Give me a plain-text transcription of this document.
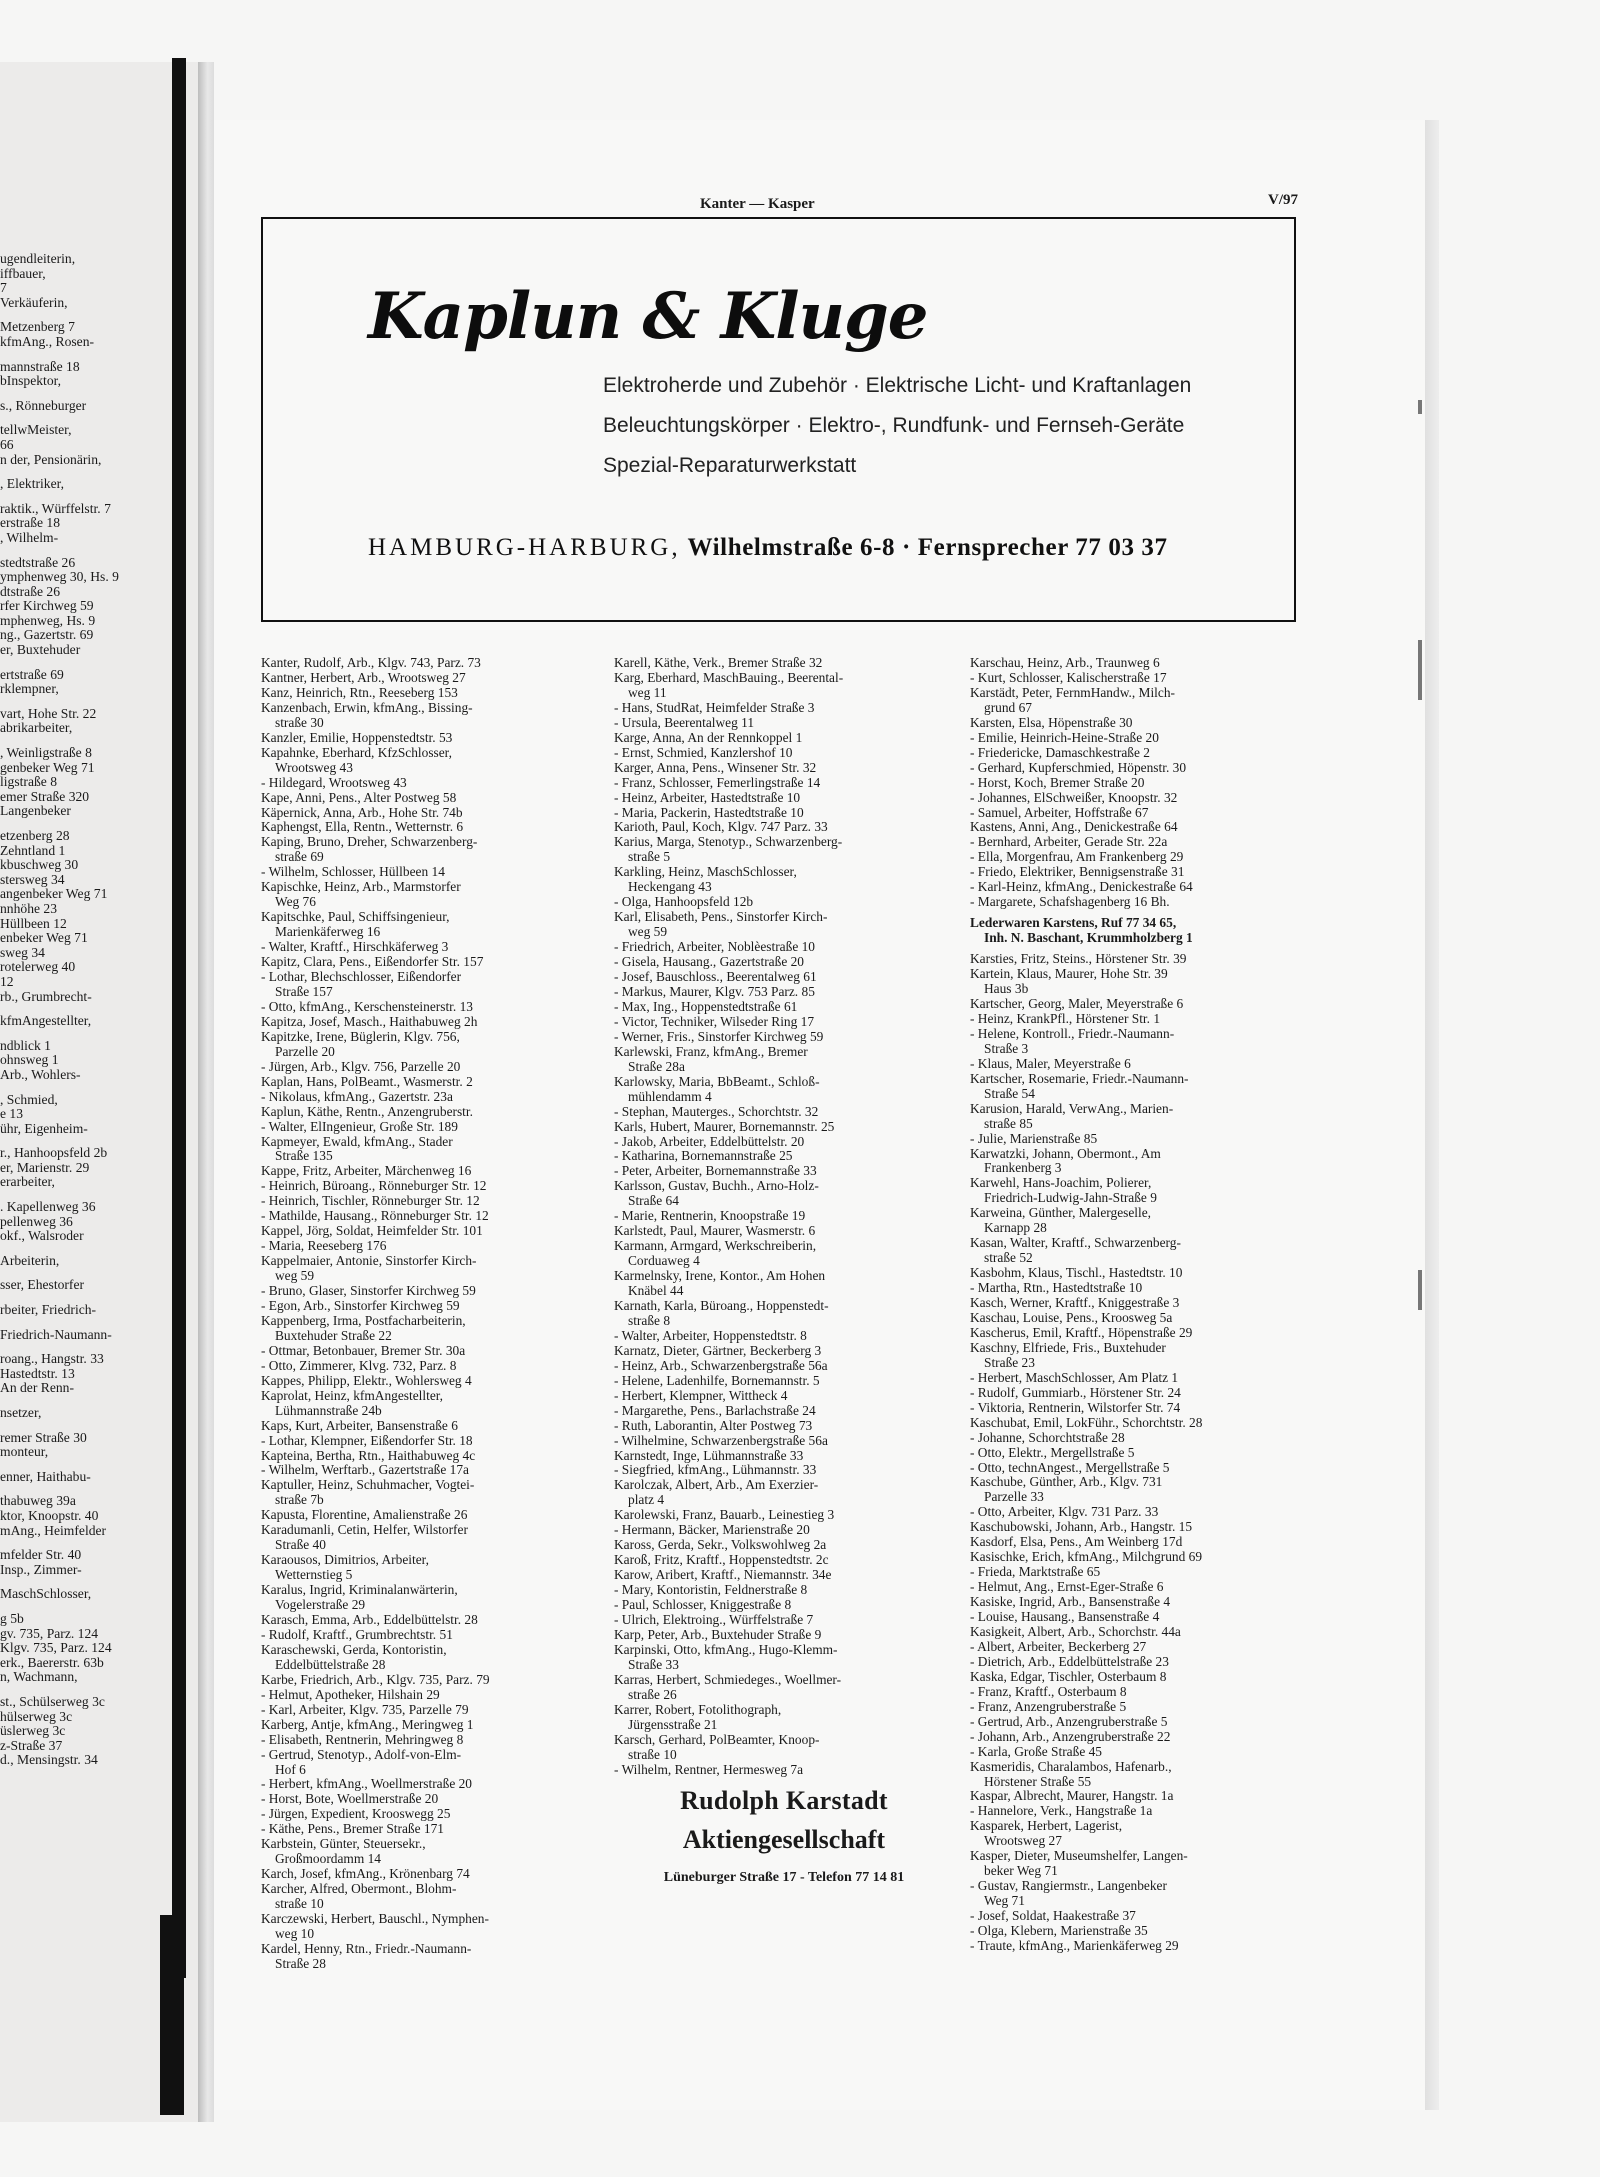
ugendleiterin,
iffbauer,
7
Verkäuferin,
Metzenberg 7
kfmAng., Rosen-
mannstraße 18
bInspektor,
s., Rönneburger
tellwMeister,
66
n der, Pensionärin,
, Elektriker,
raktik., Würffelstr. 7
erstraße 18
, Wilhelm-
stedtstraße 26
ymphenweg 30, Hs. 9
dtstraße 26
rfer Kirchweg 59
mphenweg, Hs. 9
ng., Gazertstr. 69
er, Buxtehuder
ertstraße 69
rklempner,
vart, Hohe Str. 22
abrikarbeiter,
, Weinligstraße 8
genbeker Weg 71
ligstraße 8
emer Straße 320
Langenbeker
etzenberg 28
Zehntland 1
kbuschweg 30
stersweg 34
angenbeker Weg 71
nnhöhe 23
Hüllbeen 12
enbeker Weg 71
sweg 34
rotelerweg 40
12
rb., Grumbrecht-
kfmAngestellter,
ndblick 1
ohnsweg 1
Arb., Wohlers-
, Schmied,
e 13
ühr, Eigenheim-
r., Hanhoopsfeld 2b
er, Marienstr. 29
erarbeiter,
. Kapellenweg 36
pellenweg 36
okf., Walsroder
Arbeiterin,
sser, Ehestorfer
rbeiter, Friedrich-
Friedrich-Naumann-
roang., Hangstr. 33
Hastedtstr. 13
An der Renn-
nsetzer,
remer Straße 30
monteur,
enner, Haithabu-
thabuweg 39a
ktor, Knoopstr. 40
mAng., Heimfelder
mfelder Str. 40
Insp., Zimmer-
MaschSchlosser,
g 5b
gv. 735, Parz. 124
Klgv. 735, Parz. 124
erk., Baererstr. 63b
n, Wachmann,
st., Schülserweg 3c
hülserweg 3c
üslerweg 3c
z-Straße 37
d., Mensingstr. 34
Kanter — Kasper	V/97
Kaplun & Kluge
Elektroherde und Zubehör · Elektrische Licht- und Kraftanlagen
Beleuchtungskörper · Elektro-, Rundfunk- und Fernseh-Geräte
Spezial-Reparaturwerkstatt
HAMBURG-HARBURG, Wilhelmstraße 6-8 · Fernsprecher 77 03 37
Kanter, Rudolf, Arb., Klgv. 743, Parz. 73
Kantner, Herbert, Arb., Wrootsweg 27
Kanz, Heinrich, Rtn., Reeseberg 153
Kanzenbach, Erwin, kfmAng., Bissing-
straße 30
Kanzler, Emilie, Hoppenstedtstr. 53
Kapahnke, Eberhard, KfzSchlosser,
Wrootsweg 43
- Hildegard, Wrootsweg 43
Kape, Anni, Pens., Alter Postweg 58
Käpernick, Anna, Arb., Hohe Str. 74b
Kaphengst, Ella, Rentn., Wetternstr. 6
Kaping, Bruno, Dreher, Schwarzenberg-
straße 69
- Wilhelm, Schlosser, Hüllbeen 14
Kapischke, Heinz, Arb., Marmstorfer
Weg 76
Kapitschke, Paul, Schiffsingenieur,
Marienkäferweg 16
- Walter, Kraftf., Hirschkäferweg 3
Kapitz, Clara, Pens., Eißendorfer Str. 157
- Lothar, Blechschlosser, Eißendorfer
Straße 157
- Otto, kfmAng., Kerschensteinerstr. 13
Kapitza, Josef, Masch., Haithabuweg 2h
Kapitzke, Irene, Büglerin, Klgv. 756,
Parzelle 20
- Jürgen, Arb., Klgv. 756, Parzelle 20
Kaplan, Hans, PolBeamt., Wasmerstr. 2
- Nikolaus, kfmAng., Gazertstr. 23a
Kaplun, Käthe, Rentn., Anzengruberstr.
- Walter, ElIngenieur, Große Str. 189
Kapmeyer, Ewald, kfmAng., Stader
Straße 135
Kappe, Fritz, Arbeiter, Märchenweg 16
- Heinrich, Büroang., Rönneburger Str. 12
- Heinrich, Tischler, Rönneburger Str. 12
- Mathilde, Hausang., Rönneburger Str. 12
Kappel, Jörg, Soldat, Heimfelder Str. 101
- Maria, Reeseberg 176
Kappelmaier, Antonie, Sinstorfer Kirch-
weg 59
- Bruno, Glaser, Sinstorfer Kirchweg 59
- Egon, Arb., Sinstorfer Kirchweg 59
Kappenberg, Irma, Postfacharbeiterin,
Buxtehuder Straße 22
- Ottmar, Betonbauer, Bremer Str. 30a
- Otto, Zimmerer, Klvg. 732, Parz. 8
Kappes, Philipp, Elektr., Wohlersweg 4
Kaprolat, Heinz, kfmAngestellter,
Lühmannstraße 24b
Kaps, Kurt, Arbeiter, Bansenstraße 6
- Lothar, Klempner, Eißendorfer Str. 18
Kapteina, Bertha, Rtn., Haithabuweg 4c
- Wilhelm, Werftarb., Gazertstraße 17a
Kaptuller, Heinz, Schuhmacher, Vogtei-
straße 7b
Kapusta, Florentine, Amalienstraße 26
Karadumanli, Cetin, Helfer, Wilstorfer
Straße 40
Karaousos, Dimitrios, Arbeiter,
Wetternstieg 5
Karalus, Ingrid, Kriminalanwärterin,
Vogelerstraße 29
Karasch, Emma, Arb., Eddelbüttelstr. 28
- Rudolf, Kraftf., Grumbrechtstr. 51
Karaschewski, Gerda, Kontoristin,
Eddelbüttelstraße 28
Karbe, Friedrich, Arb., Klgv. 735, Parz. 79
- Helmut, Apotheker, Hilshain 29
- Karl, Arbeiter, Klgv. 735, Parzelle 79
Karberg, Antje, kfmAng., Meringweg 1
- Elisabeth, Rentnerin, Mehringweg 8
- Gertrud, Stenotyp., Adolf-von-Elm-
Hof 6
- Herbert, kfmAng., Woellmerstraße 20
- Horst, Bote, Woellmerstraße 20
- Jürgen, Expedient, Krooswegg 25
- Käthe, Pens., Bremer Straße 171
Karbstein, Günter, Steuersekr.,
Großmoordamm 14
Karch, Josef, kfmAng., Krönenbarg 74
Karcher, Alfred, Obermont., Blohm-
straße 10
Karczewski, Herbert, Bauschl., Nymphen-
weg 10
Kardel, Henny, Rtn., Friedr.-Naumann-
Straße 28
Karell, Käthe, Verk., Bremer Straße 32
Karg, Eberhard, MaschBauing., Beerental-
weg 11
- Hans, StudRat, Heimfelder Straße 3
- Ursula, Beerentalweg 11
Karge, Anna, An der Rennkoppel 1
- Ernst, Schmied, Kanzlershof 10
Karger, Anna, Pens., Winsener Str. 32
- Franz, Schlosser, Femerlingstraße 14
- Heinz, Arbeiter, Hastedtstraße 10
- Maria, Packerin, Hastedtstraße 10
Karioth, Paul, Koch, Klgv. 747 Parz. 33
Karius, Marga, Stenotyp., Schwarzenberg-
straße 5
Karkling, Heinz, MaschSchlosser,
Heckengang 43
- Olga, Hanhoopsfeld 12b
Karl, Elisabeth, Pens., Sinstorfer Kirch-
weg 59
- Friedrich, Arbeiter, Noblèestraße 10
- Gisela, Hausang., Gazertstraße 20
- Josef, Bauschloss., Beerentalweg 61
- Markus, Maurer, Klgv. 753 Parz. 85
- Max, Ing., Hoppenstedtstraße 61
- Victor, Techniker, Wilseder Ring 17
- Werner, Fris., Sinstorfer Kirchweg 59
Karlewski, Franz, kfmAng., Bremer
Straße 28a
Karlowsky, Maria, BbBeamt., Schloß-
mühlendamm 4
- Stephan, Mauterges., Schorchtstr. 32
Karls, Hubert, Maurer, Bornemannstr. 25
- Jakob, Arbeiter, Eddelbüttelstr. 20
- Katharina, Bornemannstraße 25
- Peter, Arbeiter, Bornemannstraße 33
Karlsson, Gustav, Buchh., Arno-Holz-
Straße 64
- Marie, Rentnerin, Knoopstraße 19
Karlstedt, Paul, Maurer, Wasmerstr. 6
Karmann, Armgard, Werkschreiberin,
Corduaweg 4
Karmelnsky, Irene, Kontor., Am Hohen
Knäbel 44
Karnath, Karla, Büroang., Hoppenstedt-
straße 8
- Walter, Arbeiter, Hoppenstedtstr. 8
Karnatz, Dieter, Gärtner, Beckerberg 3
- Heinz, Arb., Schwarzenbergstraße 56a
- Helene, Ladenhilfe, Bornemannstr. 5
- Herbert, Klempner, Wittheck 4
- Margarethe, Pens., Barlachstraße 24
- Ruth, Laborantin, Alter Postweg 73
- Wilhelmine, Schwarzenbergstraße 56a
Karnstedt, Inge, Lühmannstraße 33
- Siegfried, kfmAng., Lühmannstr. 33
Karolczak, Albert, Arb., Am Exerzier-
platz 4
Karolewski, Franz, Bauarb., Leinestieg 3
- Hermann, Bäcker, Marienstraße 20
Kaross, Gerda, Sekr., Volkswohlweg 2a
Karoß, Fritz, Kraftf., Hoppenstedtstr. 2c
Karow, Aribert, Kraftf., Niemannstr. 34e
- Mary, Kontoristin, Feldnerstraße 8
- Paul, Schlosser, Kniggestraße 8
- Ulrich, Elektroing., Würffelstraße 7
Karp, Peter, Arb., Buxtehuder Straße 9
Karpinski, Otto, kfmAng., Hugo-Klemm-
Straße 33
Karras, Herbert, Schmiedeges., Woellmer-
straße 26
Karrer, Robert, Fotolithograph,
Jürgensstraße 21
Karsch, Gerhard, PolBeamter, Knoop-
straße 10
- Wilhelm, Rentner, Hermesweg 7a
Karschau, Heinz, Arb., Traunweg 6
- Kurt, Schlosser, Kalischerstraße 17
Karstädt, Peter, FernmHandw., Milch-
grund 67
Karsten, Elsa, Höpenstraße 30
- Emilie, Heinrich-Heine-Straße 20
- Friedericke, Damaschkestraße 2
- Gerhard, Kupferschmied, Höpenstr. 30
- Horst, Koch, Bremer Straße 20
- Johannes, ElSchweißer, Knoopstr. 32
- Samuel, Arbeiter, Hoffstraße 67
Kastens, Anni, Ang., Denickestraße 64
- Bernhard, Arbeiter, Gerade Str. 22a
- Ella, Morgenfrau, Am Frankenberg 29
- Friedo, Elektriker, Bennigsenstraße 31
- Karl-Heinz, kfmAng., Denickestraße 64
- Margarete, Schafshagenberg 16 Bh.
Lederwaren Karstens, Ruf 77 34 65,
Inh. N. Baschant, Krummholzberg 1
Karsties, Fritz, Steins., Hörstener Str. 39
Kartein, Klaus, Maurer, Hohe Str. 39
Haus 3b
Kartscher, Georg, Maler, Meyerstraße 6
- Heinz, KrankPfl., Hörstener Str. 1
- Helene, Kontroll., Friedr.-Naumann-
Straße 3
- Klaus, Maler, Meyerstraße 6
Kartscher, Rosemarie, Friedr.-Naumann-
Straße 54
Karusion, Harald, VerwAng., Marien-
straße 85
- Julie, Marienstraße 85
Karwatzki, Johann, Obermont., Am
Frankenberg 3
Karwehl, Hans-Joachim, Polierer,
Friedrich-Ludwig-Jahn-Straße 9
Karweina, Günther, Malergeselle,
Karnapp 28
Kasan, Walter, Kraftf., Schwarzenberg-
straße 52
Kasbohm, Klaus, Tischl., Hastedtstr. 10
- Martha, Rtn., Hastedtstraße 10
Kasch, Werner, Kraftf., Kniggestraße 3
Kaschau, Louise, Pens., Kroosweg 5a
Kascherus, Emil, Kraftf., Höpenstraße 29
Kaschny, Elfriede, Fris., Buxtehuder
Straße 23
- Herbert, MaschSchlosser, Am Platz 1
- Rudolf, Gummiarb., Hörstener Str. 24
- Viktoria, Rentnerin, Wilstorfer Str. 74
Kaschubat, Emil, LokFühr., Schorchtstr. 28
- Johanne, Schorchtstraße 28
- Otto, Elektr., Mergellstraße 5
- Otto, technAngest., Mergellstraße 5
Kaschube, Günther, Arb., Klgv. 731
Parzelle 33
- Otto, Arbeiter, Klgv. 731 Parz. 33
Kaschubowski, Johann, Arb., Hangstr. 15
Kasdorf, Elsa, Pens., Am Weinberg 17d
Kasischke, Erich, kfmAng., Milchgrund 69
- Frieda, Marktstraße 65
- Helmut, Ang., Ernst-Eger-Straße 6
Kasiske, Ingrid, Arb., Bansenstraße 4
- Louise, Hausang., Bansenstraße 4
Kasigkeit, Albert, Arb., Schorchstr. 44a
- Albert, Arbeiter, Beckerberg 27
- Dietrich, Arb., Eddelbüttelstraße 23
Kaska, Edgar, Tischler, Osterbaum 8
- Franz, Kraftf., Osterbaum 8
- Franz, Anzengruberstraße 5
- Gertrud, Arb., Anzengruberstraße 5
- Johann, Arb., Anzengruberstraße 22
- Karla, Große Straße 45
Kasmeridis, Charalambos, Hafenarb.,
Hörstener Straße 55
Kaspar, Albrecht, Maurer, Hangstr. 1a
- Hannelore, Verk., Hangstraße 1a
Kasparek, Herbert, Lagerist,
Wrootsweg 27
Kasper, Dieter, Museumshelfer, Langen-
beker Weg 71
- Gustav, Rangiermstr., Langenbeker
Weg 71
- Josef, Soldat, Haakestraße 37
- Olga, Klebern, Marienstraße 35
- Traute, kfmAng., Marienkäferweg 29
Rudolph Karstadt
Aktiengesellschaft
Lüneburger Straße 17 - Telefon 77 14 81
